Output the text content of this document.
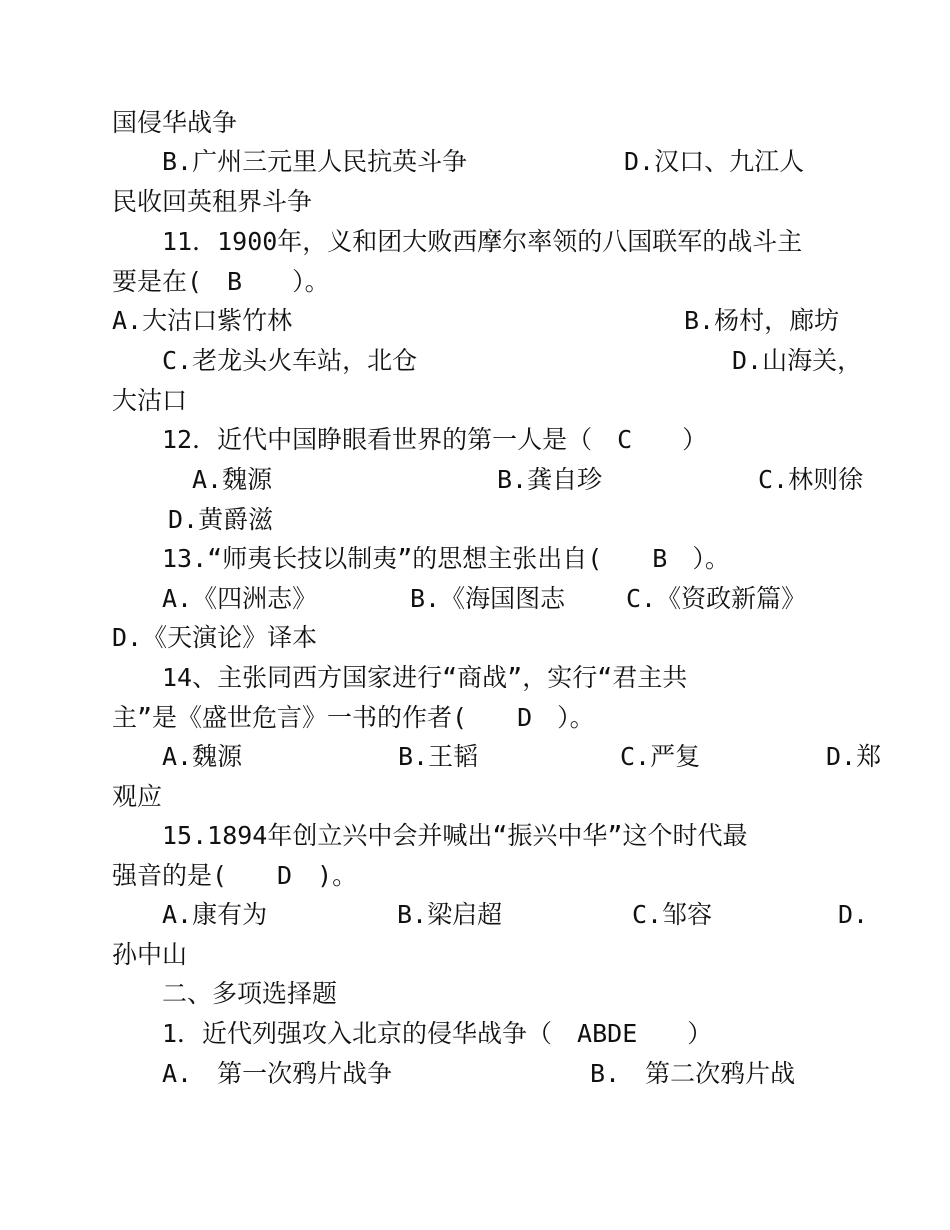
国侵华战争

B.广州三元里人民抗英斗争

	D.汉口、九江人

民收回英租界斗争

11．1900年，义和团大败西摩尔率领的八国联军的战斗主

要是在(　B　　）。

A.大沽口紫竹林

	B.杨村，廊坊

C.老龙头火车站，北仓

	D.山海关，

大沽口

12．近代中国睁眼看世界的第一人是（　C　　）

A.魏源

	B.龚自珍

	C.林则徐

D.黄爵滋

13.“师夷长技以制夷”的思想主张出自(　　B　）。

A.《四洲志》

	B.《海国图志

C.《资政新篇》

D.《天演论》译本

14、主张同西方国家进行“商战”，实行“君主共

主”是《盛世危言》一书的作者(　　D　）。

A.魏源

	B.王韬

	C.严复

	D.郑

观应

15.1894年创立兴中会并喊出“振兴中华”这个时代最

强音的是(　　D　)。

A.康有为

	B.梁启超

	C.邹容

	D.

孙中山

二、多项选择题

1．近代列强攻入北京的侵华战争（　ABDE　　）

A.　第一次鸦片战争

	B.　第二次鸦片战
